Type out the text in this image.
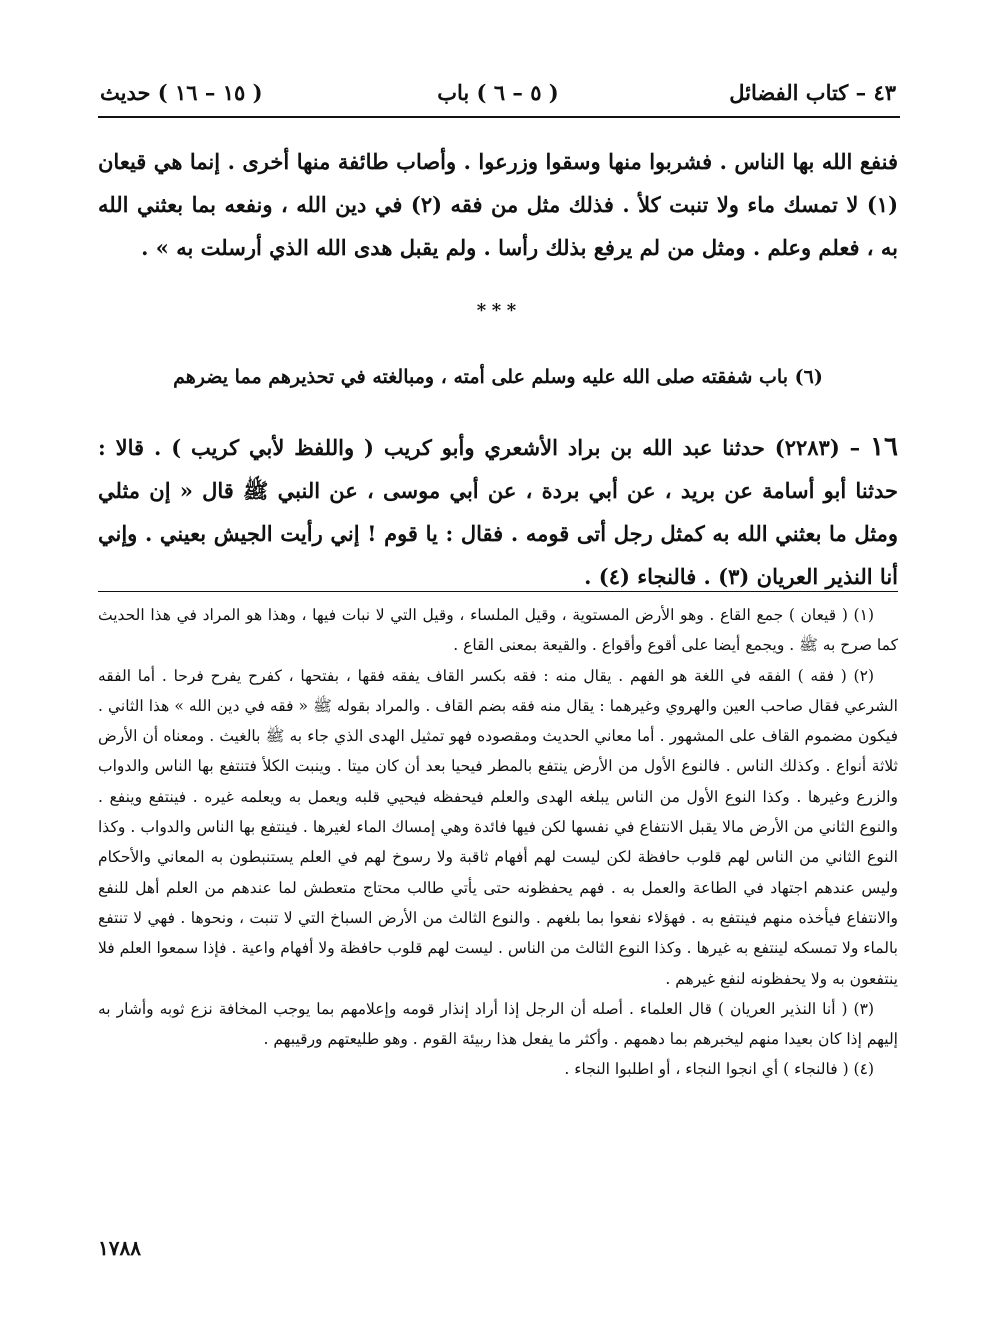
٤٣ – كتاب الفضائل
( ٥ – ٦ ) باب
( ١٥ – ١٦ ) حديث

فنفع الله بها الناس . فشربوا منها وسقوا وزرعوا . وأصاب طائفة منها أخرى . إنما هي قيعان (١) لا تمسك ماء ولا تنبت كلأ . فذلك مثل من فقه (٢) في دين الله ، ونفعه بما بعثني الله به ، فعلم وعلم . ومثل من لم يرفع بذلك رأسا . ولم يقبل هدى الله الذي أرسلت به » .

* * *
(٦) باب شفقته صلى الله عليه وسلم على أمته ، ومبالغته في تحذيرهم مما يضرهم

١٦ – (٢٢٨٣) حدثنا عبد الله بن براد الأشعري وأبو كريب ( واللفظ لأبي كريب ) . قالا : حدثنا أبو أسامة عن بريد ، عن أبي بردة ، عن أبي موسى ، عن النبي ﷺ قال « إن مثلي ومثل ما بعثني الله به كمثل رجل أتى قومه . فقال : يا قوم ! إني رأيت الجيش بعيني . وإني أنا النذير العريان (٣) . فالنجاء (٤) .

(١) ( قيعان ) جمع القاع . وهو الأرض المستوية ، وقيل الملساء ، وقيل التي لا نبات فيها ، وهذا هو المراد في هذا الحديث كما صرح به ﷺ . ويجمع أيضا على أقوع وأقواع . والقيعة بمعنى القاع .

(٢) ( فقه ) الفقه في اللغة هو الفهم . يقال منه : فقه بكسر القاف يفقه فقها ، بفتحها ، كفرح يفرح فرحا . أما الفقه الشرعي فقال صاحب العين والهروي وغيرهما : يقال منه فقه بضم القاف . والمراد بقوله ﷺ « فقه في دين الله » هذا الثاني . فيكون مضموم القاف على المشهور . أما معاني الحديث ومقصوده فهو تمثيل الهدى الذي جاء به ﷺ بالغيث . ومعناه أن الأرض ثلاثة أنواع . وكذلك الناس . فالنوع الأول من الأرض ينتفع بالمطر فيحيا بعد أن كان ميتا . وينبت الكلأ فتنتفع بها الناس والدواب والزرع وغيرها . وكذا النوع الأول من الناس يبلغه الهدى والعلم فيحفظه فيحيي قلبه ويعمل به ويعلمه غيره . فينتفع وينفع . والنوع الثاني من الأرض مالا يقبل الانتفاع في نفسها لكن فيها فائدة وهي إمساك الماء لغيرها . فينتفع بها الناس والدواب . وكذا النوع الثاني من الناس لهم قلوب حافظة لكن ليست لهم أفهام ثاقبة ولا رسوخ لهم في العلم يستنبطون به المعاني والأحكام وليس عندهم اجتهاد في الطاعة والعمل به . فهم يحفظونه حتى يأتي طالب محتاج متعطش لما عندهم من العلم أهل للنفع والانتفاع فيأخذه منهم فينتفع به . فهؤلاء نفعوا بما بلغهم . والنوع الثالث من الأرض السباخ التي لا تنبت ، ونحوها . فهي لا تنتفع بالماء ولا تمسكه لينتفع به غيرها . وكذا النوع الثالث من الناس . ليست لهم قلوب حافظة ولا أفهام واعية . فإذا سمعوا العلم فلا ينتفعون به ولا يحفظونه لنفع غيرهم .

(٣) ( أنا النذير العريان ) قال العلماء . أصله أن الرجل إذا أراد إنذار قومه وإعلامهم بما يوجب المخافة نزع ثوبه وأشار به إليهم إذا كان بعيدا منهم ليخبرهم بما دهمهم . وأكثر ما يفعل هذا ربيئة القوم . وهو طليعتهم ورقيبهم .

(٤) ( فالنجاء ) أي انجوا النجاء ، أو اطلبوا النجاء .

١٧٨٨
